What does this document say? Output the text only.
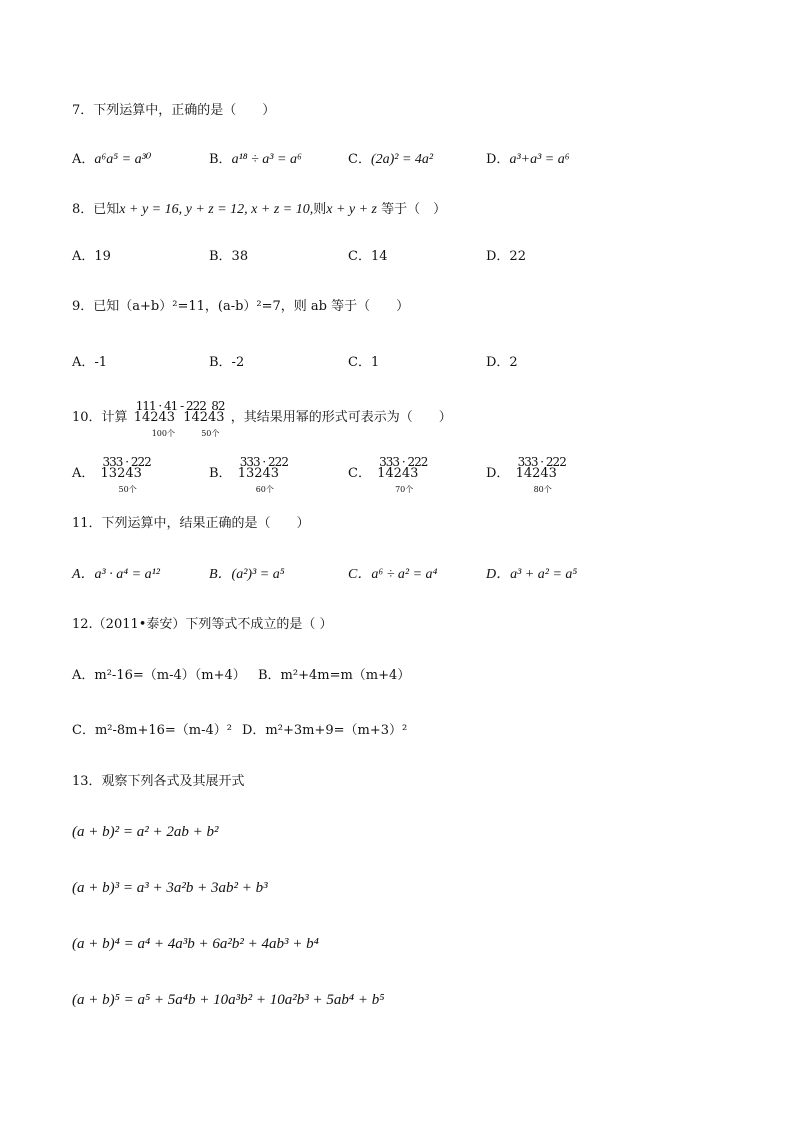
7．下列运算中，正确的是（　　）
A．a⁶a⁵ = a³⁰	B．a¹⁸ ÷ a³ = a⁶	C．(2a)² = 4a²	D．a³+a³ = a⁶
8．已知x + y = 16, y + z = 12, x + z = 10,则x + y + z 等于（　）
A．19	B．38	C．14	D．22
9．已知（a+b）²=11，(a-b）²=7，则 ab 等于（　　）
A．-1	B．-2	C．1	D．2
10．计算
111 · 41 - 222
14243
100个

82
14243
50个
，其结果用幂的形式可表示为（　　）
A．
333 · 222
13243
50个
B．
333 · 222
13243
60个
C．
333 · 222
14243
70个
D．
333 · 222
14243
80个
11．下列运算中，结果正确的是（　　）
A．a³ · a⁴ = a¹²	B．(a²)³ = a⁵	C．a⁶ ÷ a² = a⁴	D．a³ + a² = a⁵
12.（2011•泰安）下列等式不成立的是（ ）
A．m²-16=（m-4）（m+4） B．m²+4m=m（m+4）
C．m²-8m+16=（m-4）² D．m²+3m+9=（m+3）²
13．观察下列各式及其展开式
(a + b)² = a² + 2ab + b²
(a + b)³ = a³ + 3a²b + 3ab² + b³
(a + b)⁴ = a⁴ + 4a³b + 6a²b² + 4ab³ + b⁴
(a + b)⁵ = a⁵ + 5a⁴b + 10a³b² + 10a²b³ + 5ab⁴ + b⁵
